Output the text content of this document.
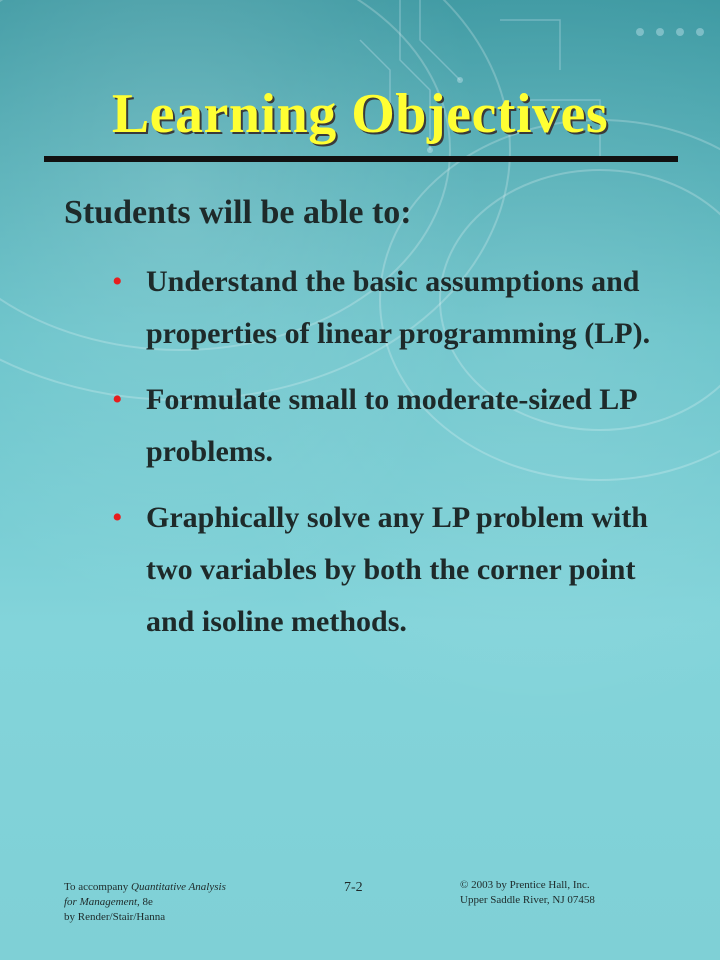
Learning Objectives
Students will be able to:
• Understand the basic assumptions and properties of linear programming (LP).
• Formulate small to moderate-sized LP problems.
• Graphically solve any LP problem with two variables by both the corner point and isoline methods.
To accompany Quantitative Analysis
for Management, 8e
by Render/Stair/Hanna
7-2	© 2003 by Prentice Hall, Inc.
Upper Saddle River, NJ 07458
